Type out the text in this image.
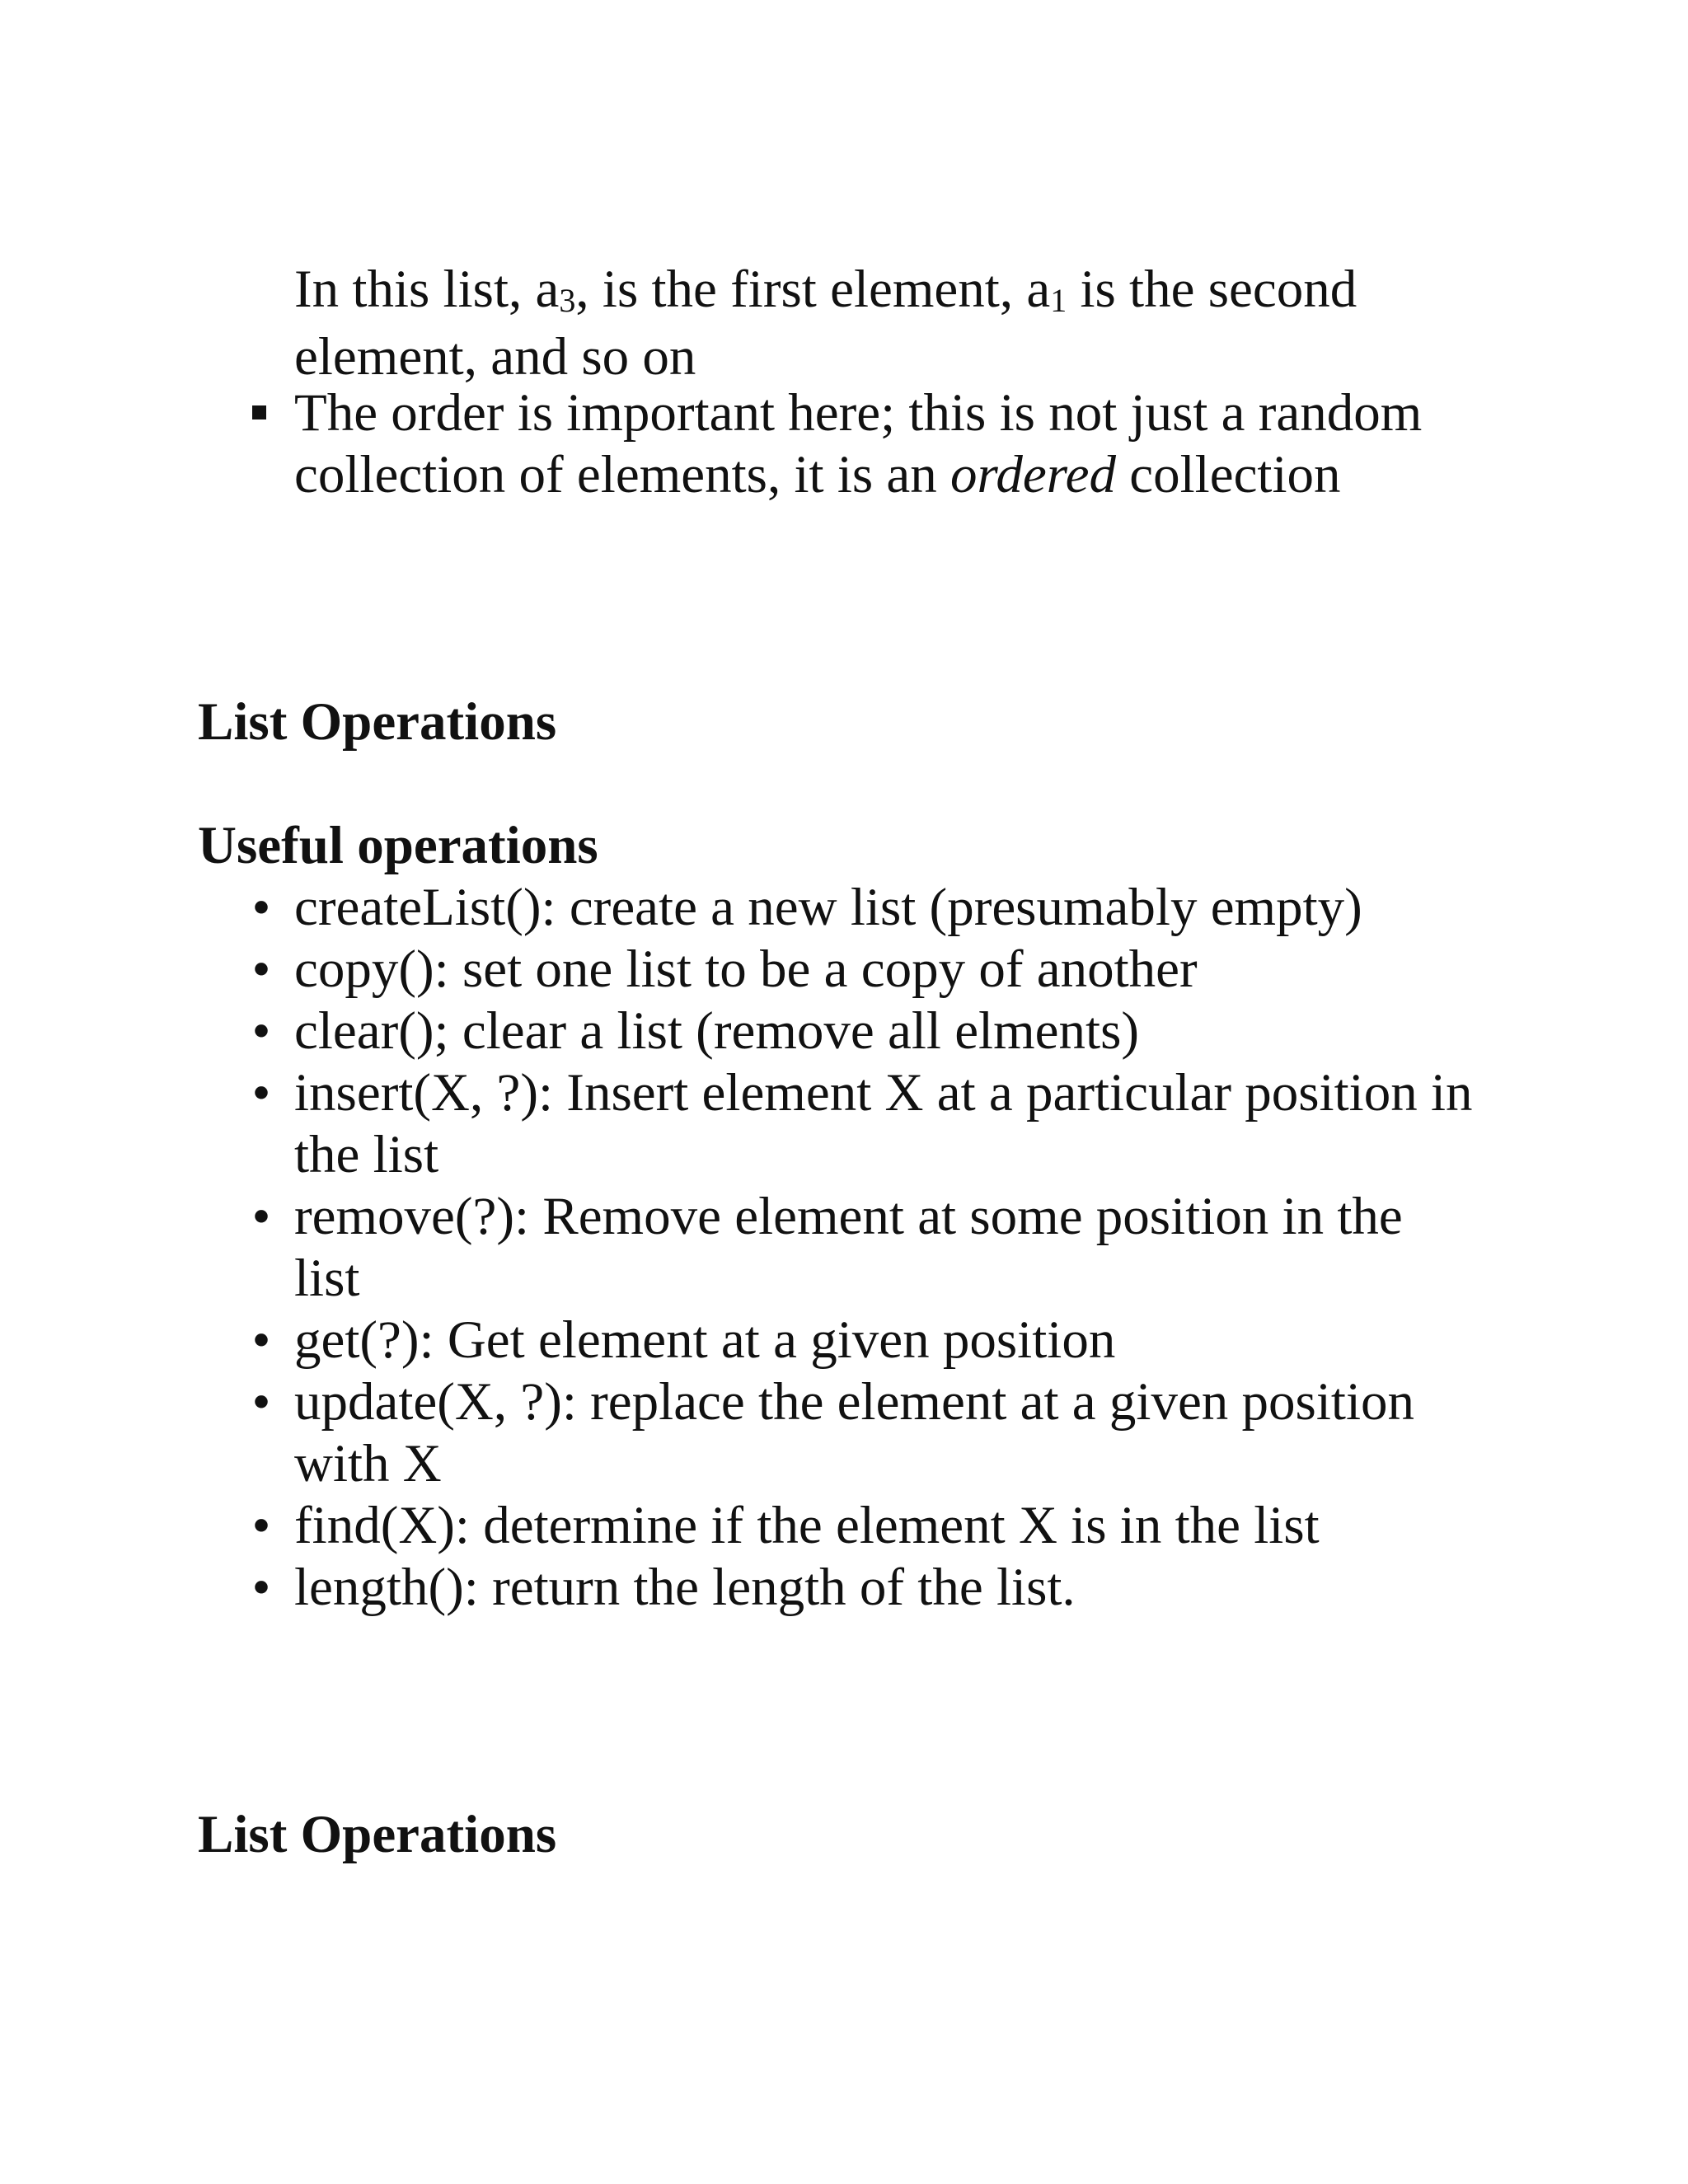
In this list, a3, is the first element, a1 is the second element, and so on

The order is important here; this is not just a random collection of elements, it is an ordered collection
List Operations
Useful operations
• createList(): create a new list (presumably empty)
• copy(): set one list to be a copy of another
• clear(); clear a list (remove all elments)
• insert(X, ?): Insert element X at a particular position in the list
• remove(?): Remove element at some position in the list
• get(?): Get element at a given position
• update(X, ?): replace the element at a given position with X
• find(X): determine if the element X is in the list
• length(): return the length of the list.
List Operations
